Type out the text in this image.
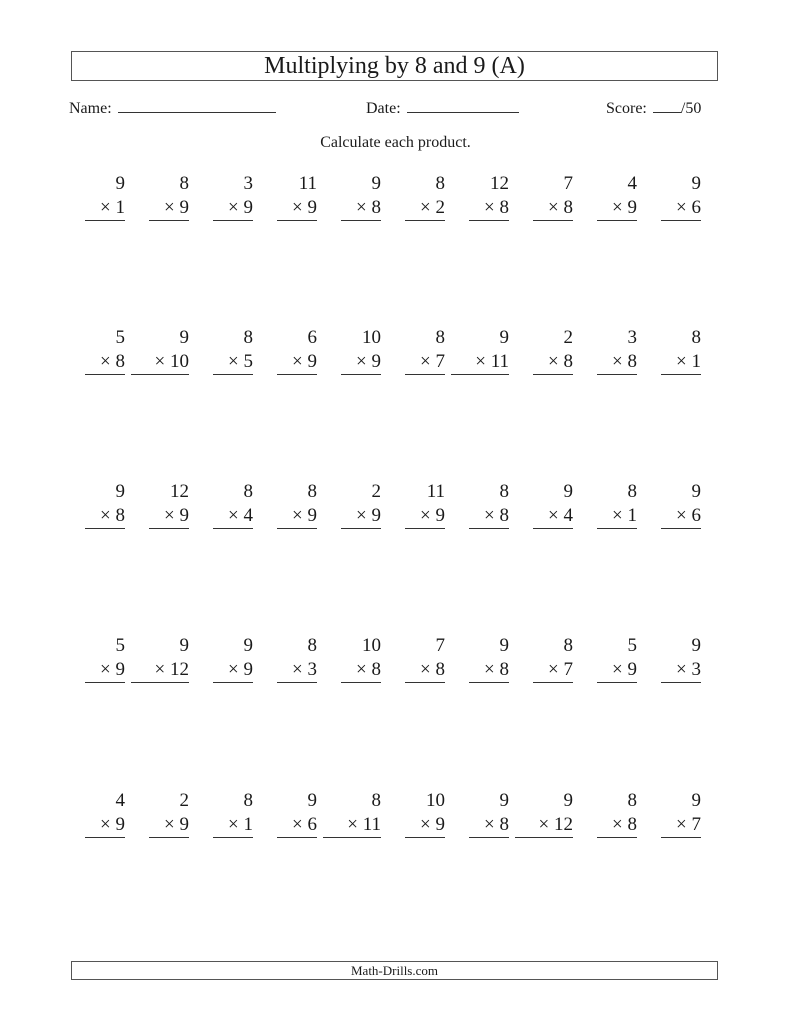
Multiplying by 8 and 9 (A)
Name:	Date:	Score: /50
Calculate each product.
9
× 1
8
× 9
3
× 9
11
× 9
9
× 8
8
× 2
12
× 8
7
× 8
4
× 9
9
× 6
5
× 8
9
× 10
8
× 5
6
× 9
10
× 9
8
× 7
9
× 11
2
× 8
3
× 8
8
× 1
9
× 8
12
× 9
8
× 4
8
× 9
2
× 9
11
× 9
8
× 8
9
× 4
8
× 1
9
× 6
5
× 9
9
× 12
9
× 9
8
× 3
10
× 8
7
× 8
9
× 8
8
× 7
5
× 9
9
× 3
4
× 9
2
× 9
8
× 1
9
× 6
8
× 11
10
× 9
9
× 8
9
× 12
8
× 8
9
× 7
Math-Drills.com
